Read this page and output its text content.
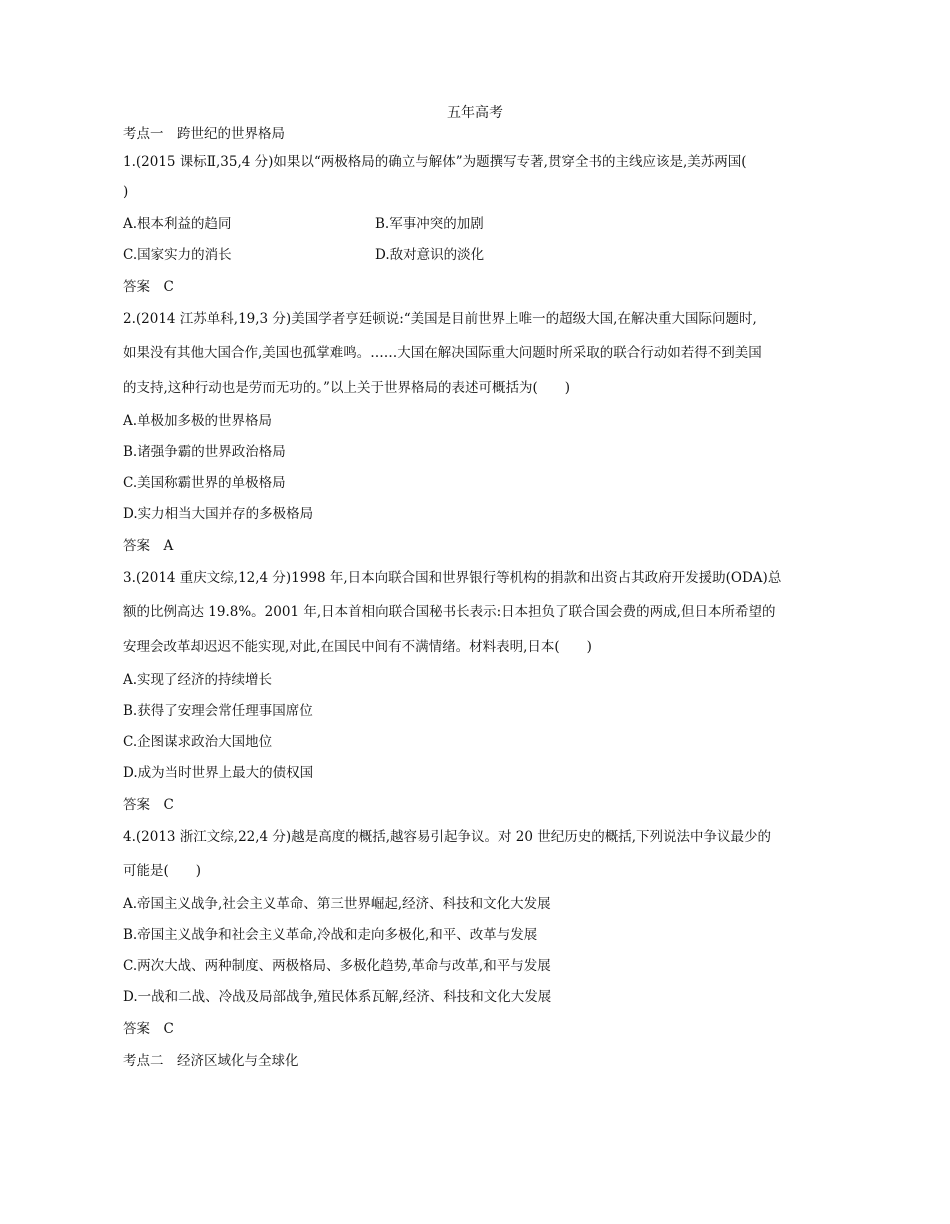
五年高考
考点一　跨世纪的世界格局
1.(2015 课标Ⅱ,35,4 分)如果以“两极格局的确立与解体”为题撰写专著,贯穿全书的主线应该是,美苏两国(
)
A.根本利益的趋同	B.军事冲突的加剧
C.国家实力的消长	D.敌对意识的淡化
答案　C
2.(2014 江苏单科,19,3 分)美国学者亨廷顿说:“美国是目前世界上唯一的超级大国,在解决重大国际问题时,
如果没有其他大国合作,美国也孤掌难鸣。……大国在解决国际重大问题时所采取的联合行动如若得不到美国
的支持,这种行动也是劳而无功的。”以上关于世界格局的表述可概括为(　　)
A.单极加多极的世界格局
B.诸强争霸的世界政治格局
C.美国称霸世界的单极格局
D.实力相当大国并存的多极格局
答案　A
3.(2014 重庆文综,12,4 分)1998 年,日本向联合国和世界银行等机构的捐款和出资占其政府开发援助(ODA)总
额的比例高达 19.8%。2001 年,日本首相向联合国秘书长表示:日本担负了联合国会费的两成,但日本所希望的
安理会改革却迟迟不能实现,对此,在国民中间有不满情绪。材料表明,日本(　　)
A.实现了经济的持续增长
B.获得了安理会常任理事国席位
C.企图谋求政治大国地位
D.成为当时世界上最大的债权国
答案　C
4.(2013 浙江文综,22,4 分)越是高度的概括,越容易引起争议。对 20 世纪历史的概括,下列说法中争议最少的
可能是(　　)
A.帝国主义战争,社会主义革命、第三世界崛起,经济、科技和文化大发展
B.帝国主义战争和社会主义革命,冷战和走向多极化,和平、改革与发展
C.两次大战、两种制度、两极格局、多极化趋势,革命与改革,和平与发展
D.一战和二战、冷战及局部战争,殖民体系瓦解,经济、科技和文化大发展
答案　C
考点二　经济区域化与全球化
